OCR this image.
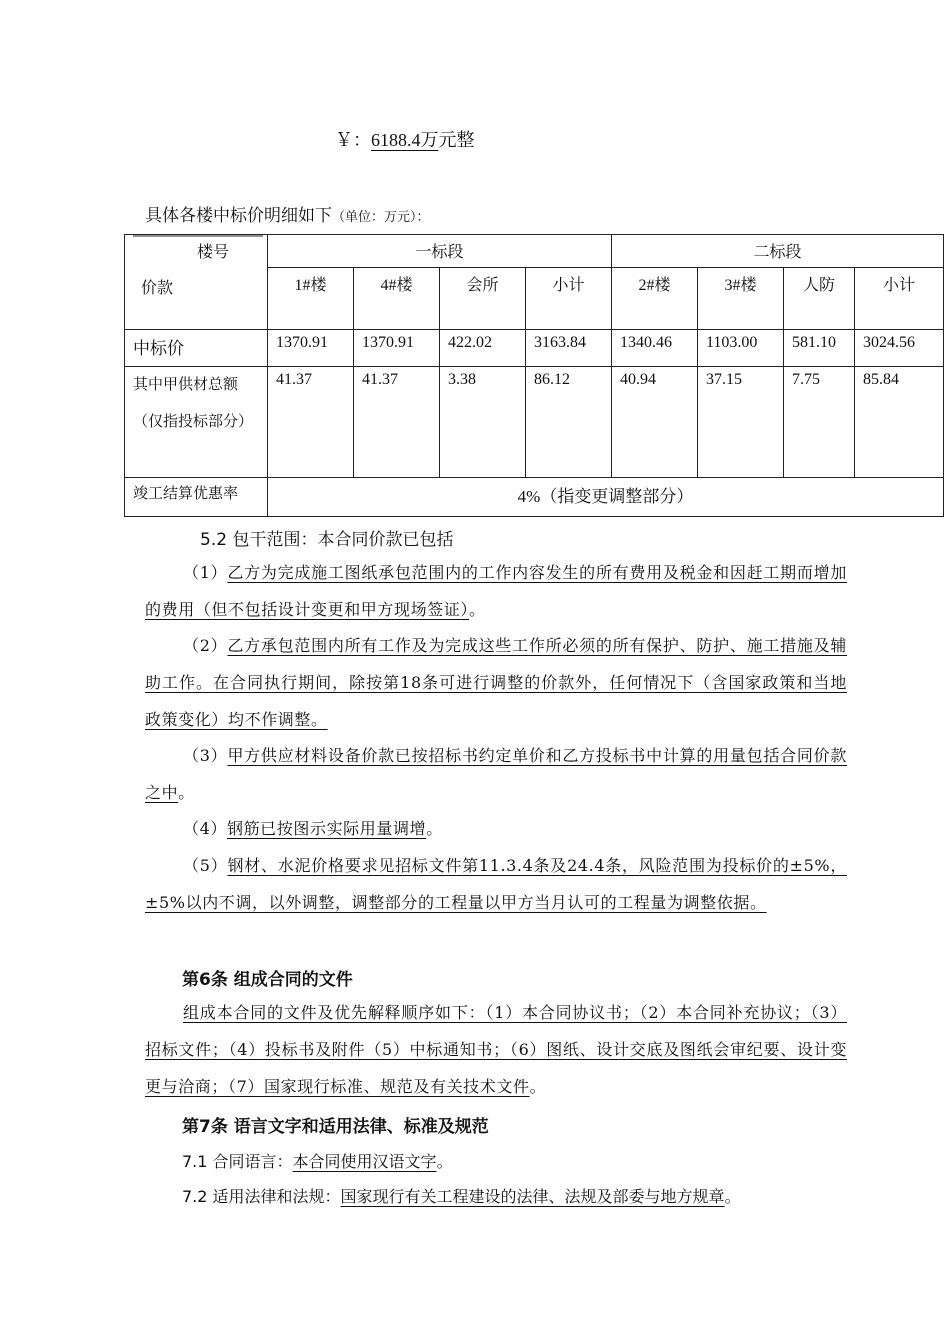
￥：6188.4万元整
具体各楼中标价明细如下（单位：万元）：
楼号
价款	一标段				二标段			
	1#楼	4#楼	会所	小计	2#楼	3#楼	人防	小计
中标价	1370.91	1370.91	422.02	3163.84	1340.46	1103.00	581.10	3024.56
其中甲供材总额（仅指投标部分）	41.37	41.37	3.38	86.12	40.94	37.15	7.75	85.84
竣工结算优惠率	4%（指变更调整部分）							
5.2 包干范围：本合同价款已包括
（1）乙方为完成施工图纸承包范围内的工作内容发生的所有费用及税金和因赶工期而增加的费用（但不包括设计变更和甲方现场签证）。
（2）乙方承包范围内所有工作及为完成这些工作所必须的所有保护、防护、施工措施及辅助工作。在合同执行期间，除按第18条可进行调整的价款外，任何情况下（含国家政策和当地政策变化）均不作调整。
（3）甲方供应材料设备价款已按招标书约定单价和乙方投标书中计算的用量包括合同价款之中。
（4）钢筋已按图示实际用量调增。
（5）钢材、水泥价格要求见招标文件第11.3.4条及24.4条，风险范围为投标价的±5%，±5%以内不调，以外调整，调整部分的工程量以甲方当月认可的工程量为调整依据。
第6条 组成合同的文件
组成本合同的文件及优先解释顺序如下：（1）本合同协议书；（2）本合同补充协议；（3）招标文件；（4）投标书及附件（5）中标通知书；（6）图纸、设计交底及图纸会审纪要、设计变更与洽商；（7）国家现行标准、规范及有关技术文件。
第7条 语言文字和适用法律、标准及规范
7.1 合同语言：本合同使用汉语文字。
7.2 适用法律和法规：国家现行有关工程建设的法律、法规及部委与地方规章。
